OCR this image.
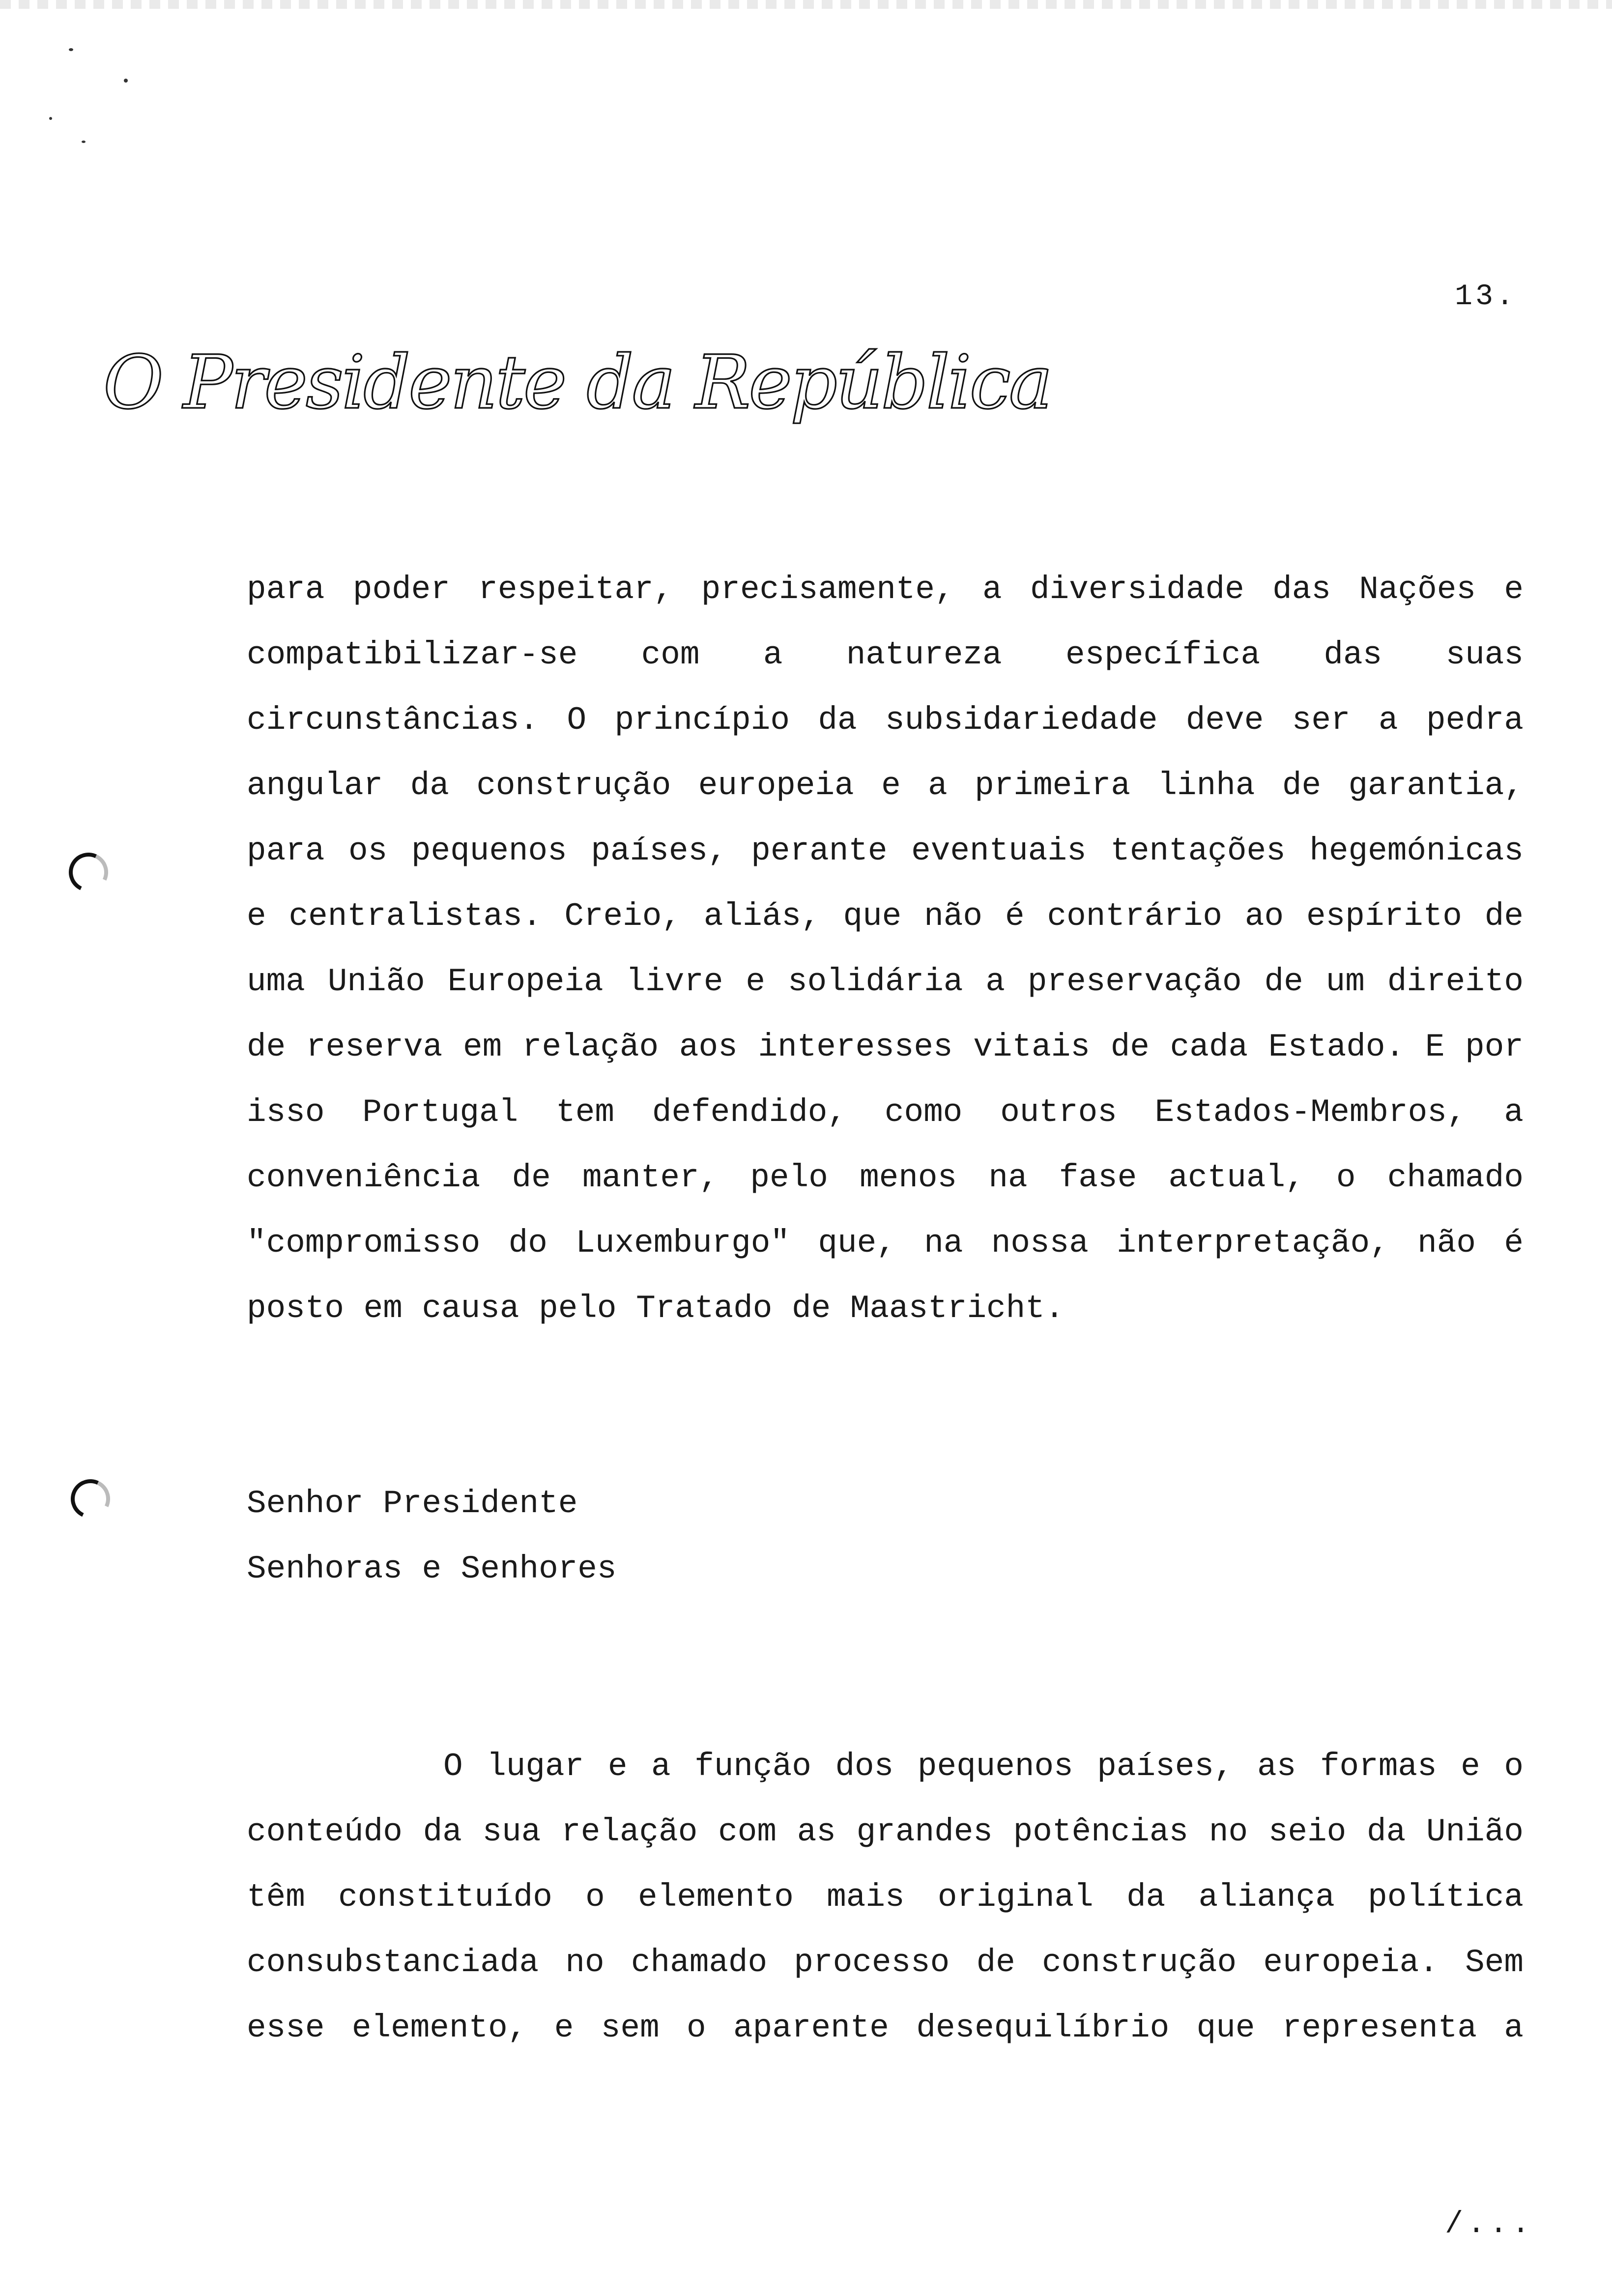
13.
O Presidente da República
para poder respeitar, precisamente, a diversidade das Nações e
compatibilizar-se com a natureza específica das suas
circunstâncias. O princípio da subsidariedade deve ser a pedra
angular da construção europeia e a primeira linha de garantia,
para os pequenos países, perante eventuais tentações hegemónicas
e centralistas. Creio, aliás, que não é contrário ao espírito de
uma União Europeia livre e solidária a preservação de um direito
de reserva em relação aos interesses vitais de cada Estado. E por
isso Portugal tem defendido, como outros Estados-Membros, a
conveniência de manter, pelo menos na fase actual, o chamado
"compromisso do Luxemburgo" que, na nossa interpretação, não é
posto em causa pelo Tratado de Maastricht.
Senhor Presidente
Senhoras e Senhores
O lugar e a função dos pequenos países, as formas e o
conteúdo da sua relação com as grandes potências no seio da União
têm constituído o elemento mais original da aliança política
consubstanciada no chamado processo de construção europeia. Sem
esse elemento, e sem o aparente desequilíbrio que representa a
/...
